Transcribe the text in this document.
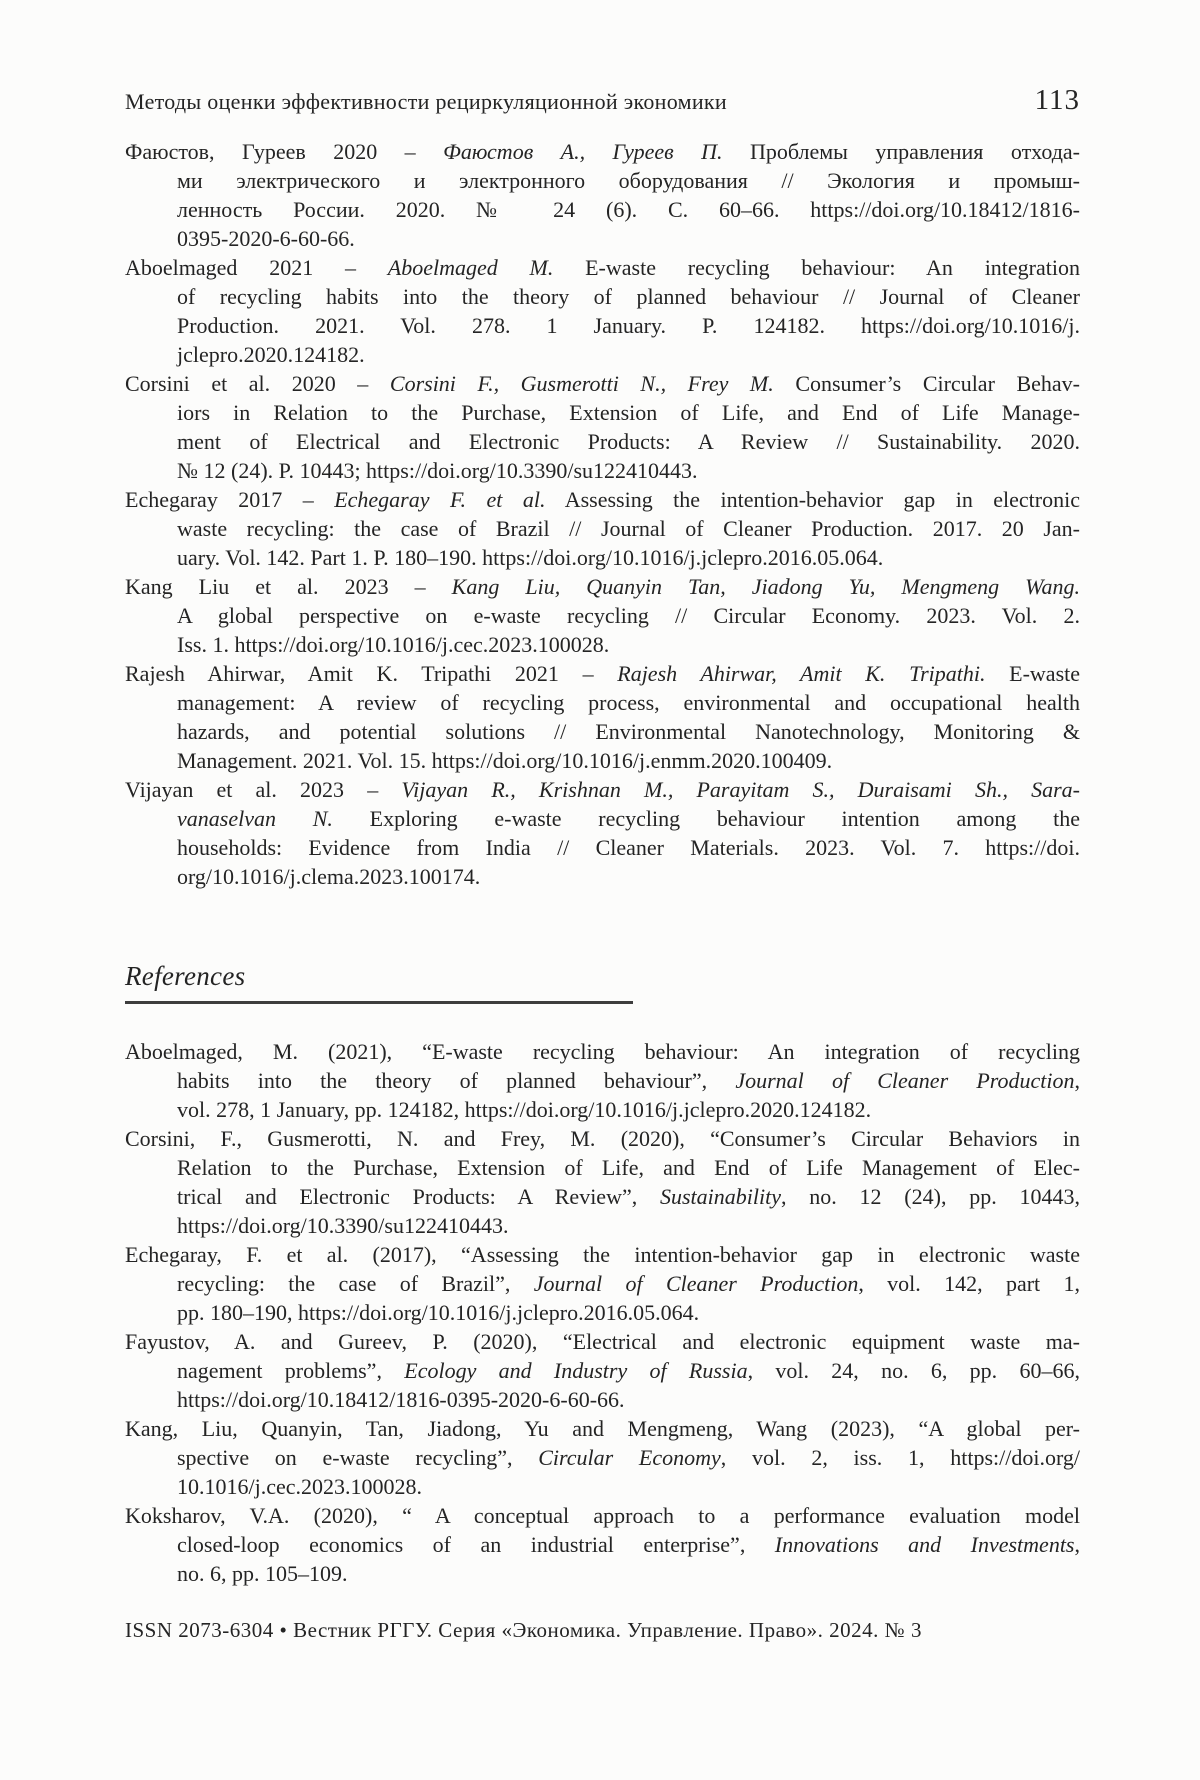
Методы оценки эффективности рециркуляционной экономики	113
Фаюстов, Гуреев 2020 – Фаюстов А., Гуреев П. Проблемы управления отхода-
ми электрического и электронного оборудования // Экология и промыш-
ленность России. 2020. № 24 (6). С. 60–66. https://doi.org/10.18412/1816-
0395-2020-6-60-66.
Aboelmaged 2021 – Aboelmaged M. E-waste recycling behaviour: An integration
of recycling habits into the theory of planned behaviour // Journal of Cleaner
Production. 2021. Vol. 278. 1 January. P. 124182. https://doi.org/10.1016/j.
jclepro.2020.124182.
Corsini et al. 2020 – Corsini F., Gusmerotti N., Frey M. Consumer’s Circular Behav-
iors in Relation to the Purchase, Extension of Life, and End of Life Manage-
ment of Electrical and Electronic Products: A Review // Sustainability. 2020.
№ 12 (24). P. 10443; https://doi.org/10.3390/su122410443.
Echegaray 2017 – Echegaray F. et al. Assessing the intention-behavior gap in electronic
waste recycling: the case of Brazil // Journal of Cleaner Production. 2017. 20 Jan-
uary. Vol. 142. Part 1. P. 180–190. https://doi.org/10.1016/j.jclepro.2016.05.064.
Kang Liu et al. 2023 – Kang Liu, Quanyin Tan, Jiadong Yu, Mengmeng Wang.
A global perspective on e-waste recycling // Circular Economy. 2023. Vol. 2.
Iss. 1. https://doi.org/10.1016/j.cec.2023.100028.
Rajesh Ahirwar, Amit K. Tripathi 2021 – Rajesh Ahirwar, Amit K. Tripathi. E-waste
management: A review of recycling process, environmental and occupational health
hazards, and potential solutions // Environmental Nanotechnology, Monitoring &
Management. 2021. Vol. 15. https://doi.org/10.1016/j.enmm.2020.100409.
Vijayan et al. 2023 – Vijayan R., Krishnan M., Parayitam S., Duraisami Sh., Sara-
vanaselvan N. Exploring e-waste recycling behaviour intention among the
households: Evidence from India // Cleaner Materials. 2023. Vol. 7. https://doi.
org/10.1016/j.clema.2023.100174.
References
Aboelmaged, M. (2021), “E-waste recycling behaviour: An integration of recycling
habits into the theory of planned behaviour”, Journal of Cleaner Production,
vol. 278, 1 January, pp. 124182, https://doi.org/10.1016/j.jclepro.2020.124182.
Corsini, F., Gusmerotti, N. and Frey, M. (2020), “Consumer’s Circular Behaviors in
Relation to the Purchase, Extension of Life, and End of Life Management of Elec-
trical and Electronic Products: A Review”, Sustainability, no. 12 (24), pp. 10443,
https://doi.org/10.3390/su122410443.
Echegaray, F. et al. (2017), “Assessing the intention-behavior gap in electronic waste
recycling: the case of Brazil”, Journal of Cleaner Production, vol. 142, part 1,
pp. 180–190, https://doi.org/10.1016/j.jclepro.2016.05.064.
Fayustov, A. and Gureev, P. (2020), “Electrical and electronic equipment waste ma-
nagement problems”, Ecology and Industry of Russia, vol. 24, no. 6, pp. 60–66,
https://doi.org/10.18412/1816-0395-2020-6-60-66.
Kang, Liu, Quanyin, Tan, Jiadong, Yu and Mengmeng, Wang (2023), “A global per-
spective on e-waste recycling”, Circular Economy, vol. 2, iss. 1, https://doi.org/
10.1016/j.cec.2023.100028.
Koksharov, V.A. (2020), “ A conceptual approach to a performance evaluation model
closed-loop economics of an industrial enterprise”, Innovations and Investments,
no. 6, pp. 105–109.
ISSN 2073-6304 • Вестник РГГУ. Серия «Экономика. Управление. Право». 2024. № 3
